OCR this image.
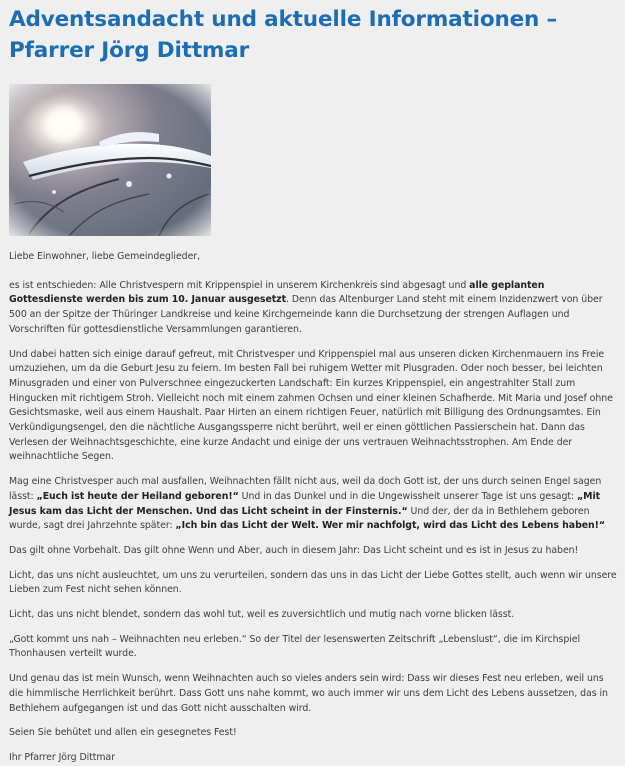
Adventsandacht und aktuelle Informationen – Pfarrer Jörg Dittmar

Liebe Einwohner, liebe Gemeindeglieder,

es ist entschieden: Alle Christvespern mit Krippenspiel in unserem Kirchenkreis sind abgesagt und alle geplanten Gottesdienste werden bis zum 10. Januar ausgesetzt. Denn das Altenburger Land steht mit einem Inzidenzwert von über 500 an der Spitze der Thüringer Landkreise und keine Kirchgemeinde kann die Durchsetzung der strengen Auflagen und Vorschriften für gottesdienstliche Versammlungen garantieren.

Und dabei hatten sich einige darauf gefreut, mit Christvesper und Krippenspiel mal aus unseren dicken Kirchenmauern ins Freie umzuziehen, um da die Geburt Jesu zu feiern. Im besten Fall bei ruhigem Wetter mit Plusgraden. Oder noch besser, bei leichten Minusgraden und einer von Pulverschnee eingezuckerten Landschaft: Ein kurzes Krippenspiel, ein angestrahlter Stall zum Hingucken mit richtigem Stroh. Vielleicht noch mit einem zahmen Ochsen und einer kleinen Schafherde. Mit Maria und Josef ohne Gesichtsmaske, weil aus einem Haushalt. Paar Hirten an einem richtigen Feuer, natürlich mit Billigung des Ordnungsamtes. Ein Verkündigungsengel, den die nächtliche Ausgangssperre nicht berührt, weil er einen göttlichen Passierschein hat. Dann das Verlesen der Weihnachtsgeschichte, eine kurze Andacht und einige der uns vertrauen Weihnachtsstrophen. Am Ende der weihnachtliche Segen.

Mag eine Christvesper auch mal ausfallen, Weihnachten fällt nicht aus, weil da doch Gott ist, der uns durch seinen Engel sagen lässt: „Euch ist heute der Heiland geboren!“ Und in das Dunkel und in die Ungewissheit unserer Tage ist uns gesagt: „Mit Jesus kam das Licht der Menschen. Und das Licht scheint in der Finsternis.“ Und der, der da in Bethlehem geboren wurde, sagt drei Jahrzehnte später: „Ich bin das Licht der Welt. Wer mir nachfolgt, wird das Licht des Lebens haben!“

Das gilt ohne Vorbehalt. Das gilt ohne Wenn und Aber, auch in diesem Jahr: Das Licht scheint und es ist in Jesus zu haben!

Licht, das uns nicht ausleuchtet, um uns zu verurteilen, sondern das uns in das Licht der Liebe Gottes stellt, auch wenn wir unsere Lieben zum Fest nicht sehen können.

Licht, das uns nicht blendet, sondern das wohl tut, weil es zuversichtlich und mutig nach vorne blicken lässt.

„Gott kommt uns nah – Weihnachten neu erleben.“ So der Titel der lesenswerten Zeitschrift „Lebenslust“, die im Kirchspiel Thonhausen verteilt wurde.

Und genau das ist mein Wunsch, wenn Weihnachten auch so vieles anders sein wird: Dass wir dieses Fest neu erleben, weil uns die himmlische Herrlichkeit berührt. Dass Gott uns nahe kommt, wo auch immer wir uns dem Licht des Lebens aussetzen, das in Bethlehem aufgegangen ist und das Gott nicht ausschalten wird.

Seien Sie behütet und allen ein gesegnetes Fest!

Ihr Pfarrer Jörg Dittmar
